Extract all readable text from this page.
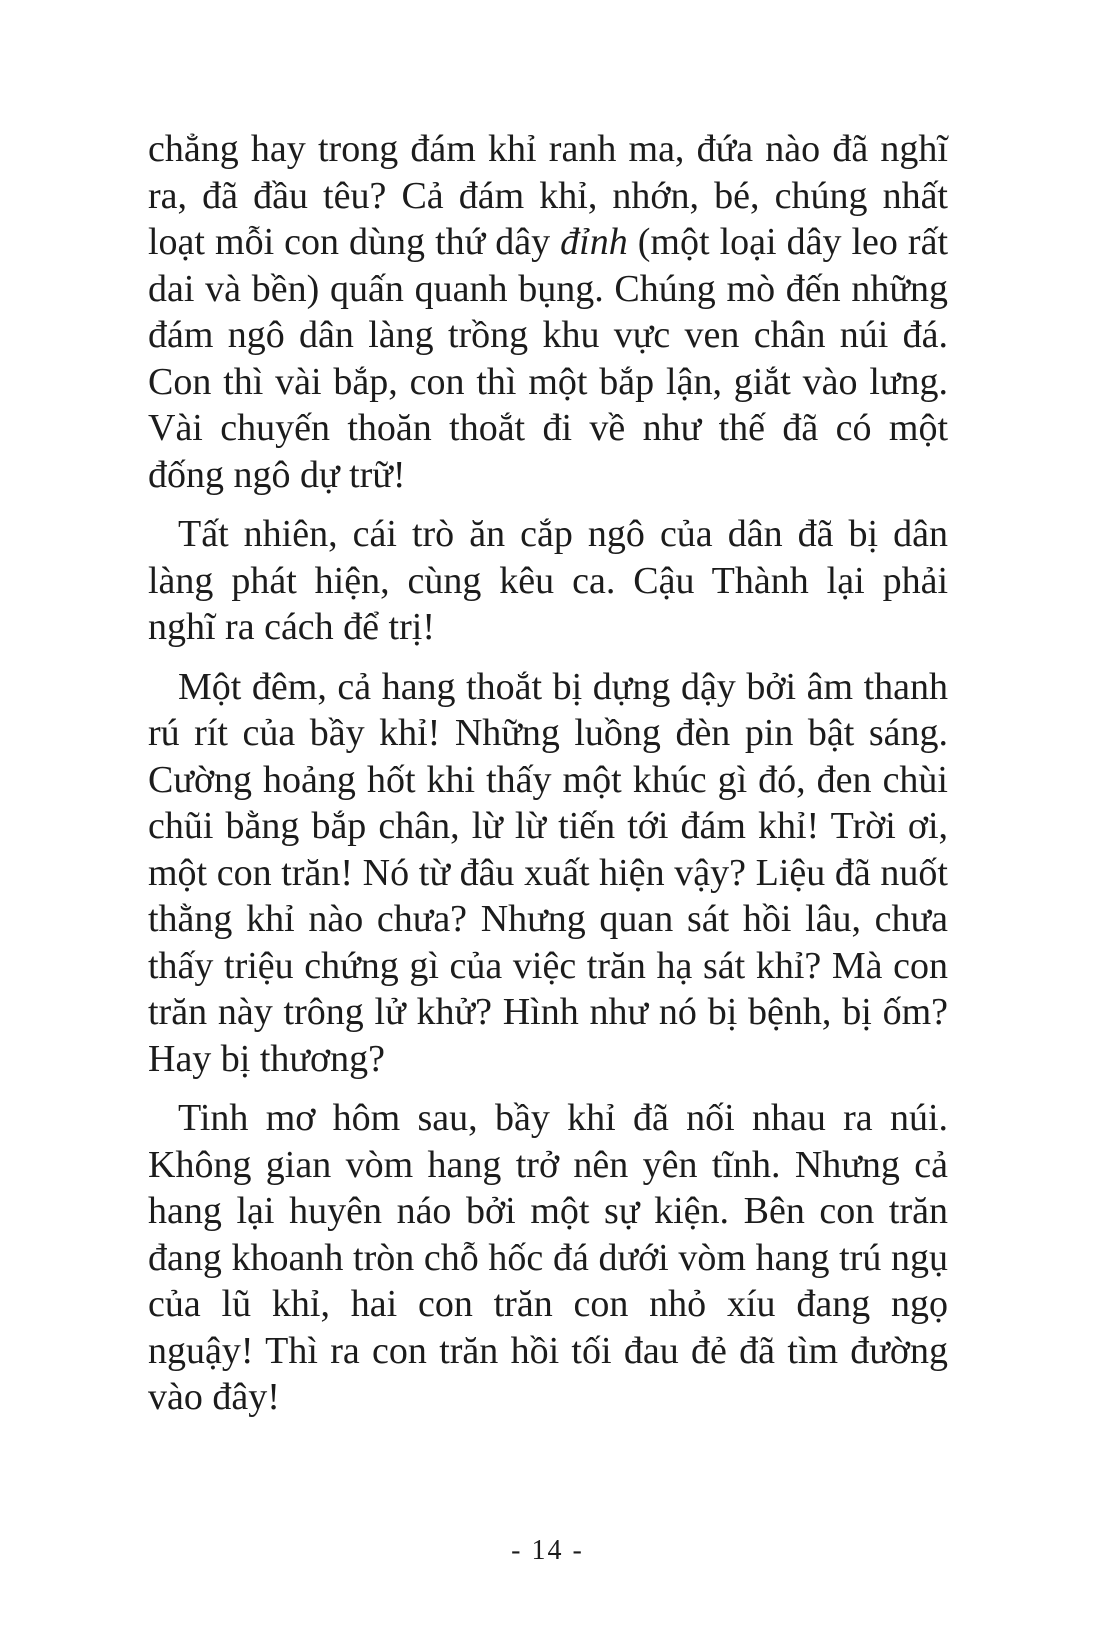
chẳng hay trong đám khỉ ranh ma, đứa nào đã nghĩ ra, đã đầu têu? Cả đám khỉ, nhớn, bé, chúng nhất loạt mỗi con dùng thứ dây đỉnh (một loại dây leo rất dai và bền) quấn quanh bụng. Chúng mò đến những đám ngô dân làng trồng khu vực ven chân núi đá. Con thì vài bắp, con thì một bắp lận, giắt vào lưng. Vài chuyến thoăn thoắt đi về như thế đã có một đống ngô dự trữ!

Tất nhiên, cái trò ăn cắp ngô của dân đã bị dân làng phát hiện, cùng kêu ca. Cậu Thành lại phải nghĩ ra cách để trị!

Một đêm, cả hang thoắt bị dựng dậy bởi âm thanh rú rít của bầy khỉ! Những luồng đèn pin bật sáng. Cường hoảng hốt khi thấy một khúc gì đó, đen chùi chũi bằng bắp chân, lừ lừ tiến tới đám khỉ! Trời ơi, một con trăn! Nó từ đâu xuất hiện vậy? Liệu đã nuốt thằng khỉ nào chưa? Nhưng quan sát hồi lâu, chưa thấy triệu chứng gì của việc trăn hạ sát khỉ? Mà con trăn này trông lử khử? Hình như nó bị bệnh, bị ốm? Hay bị thương?

Tinh mơ hôm sau, bầy khỉ đã nối nhau ra núi. Không gian vòm hang trở nên yên tĩnh. Nhưng cả hang lại huyên náo bởi một sự kiện. Bên con trăn đang khoanh tròn chỗ hốc đá dưới vòm hang trú ngụ của lũ khỉ, hai con trăn con nhỏ xíu đang ngọ nguậy! Thì ra con trăn hồi tối đau đẻ đã tìm đường vào đây!

- 14 -
